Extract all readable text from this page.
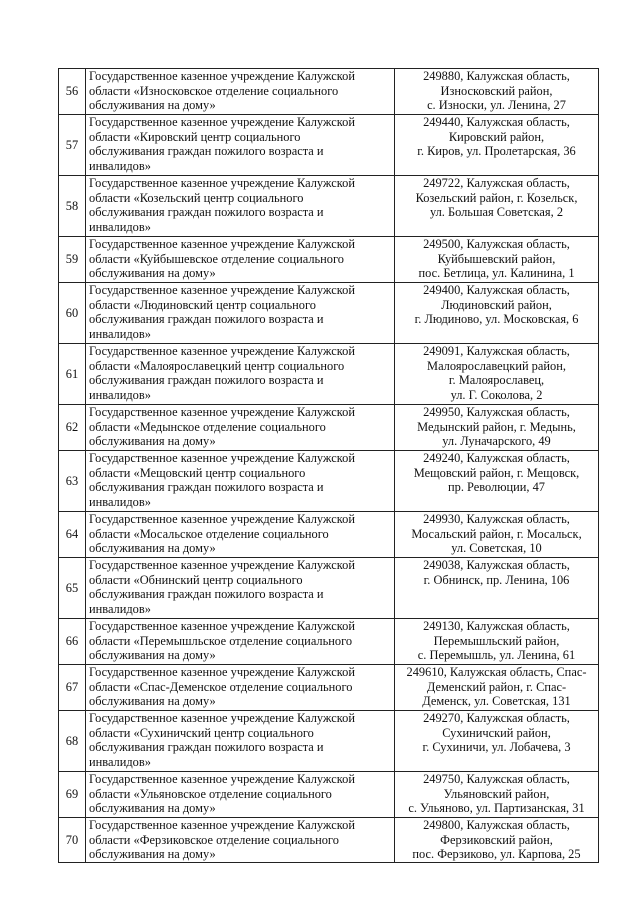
56	Государственное казенное учреждение Калужской
области «Износковское отделение социального
обслуживания на дому»	249880, Калужская область,
Износковский район,
с. Износки, ул. Ленина, 27
57	Государственное казенное учреждение Калужской
области «Кировский центр социального
обслуживания граждан пожилого возраста и
инвалидов»	249440, Калужская область,
Кировский район,
г. Киров, ул. Пролетарская, 36
58	Государственное казенное учреждение Калужской
области «Козельский центр социального
обслуживания граждан пожилого возраста и
инвалидов»	249722, Калужская область,
Козельский район, г. Козельск,
ул. Большая Советская, 2
59	Государственное казенное учреждение Калужской
области «Куйбышевское отделение социального
обслуживания на дому»	249500, Калужская область,
Куйбышевский район,
пос. Бетлица, ул. Калинина, 1
60	Государственное казенное учреждение Калужской
области «Людиновский центр социального
обслуживания граждан пожилого возраста и
инвалидов»	249400, Калужская область,
Людиновский район,
г. Людиново, ул. Московская, 6
61	Государственное казенное учреждение Калужской
области «Малоярославецкий центр социального
обслуживания граждан пожилого возраста и
инвалидов»	249091, Калужская область,
Малоярославецкий район,
г. Малоярославец,
ул. Г. Соколова, 2
62	Государственное казенное учреждение Калужской
области «Медынское отделение социального
обслуживания на дому»	249950, Калужская область,
Медынский район, г. Медынь,
ул. Луначарского, 49
63	Государственное казенное учреждение Калужской
области «Мещовский центр социального
обслуживания граждан пожилого возраста и
инвалидов»	249240, Калужская область,
Мещовский район, г. Мещовск,
пр. Революции, 47
64	Государственное казенное учреждение Калужской
области «Мосальское отделение социального
обслуживания на дому»	249930, Калужская область,
Мосальский район, г. Мосальск,
ул. Советская, 10
65	Государственное казенное учреждение Калужской
области «Обнинский центр социального
обслуживания граждан пожилого возраста и
инвалидов»	249038, Калужская область,
г. Обнинск, пр. Ленина, 106
66	Государственное казенное учреждение Калужской
области «Перемышльское отделение социального
обслуживания на дому»	249130, Калужская область,
Перемышльский район,
с. Перемышль, ул. Ленина, 61
67	Государственное казенное учреждение Калужской
области «Спас-Деменское отделение социального
обслуживания на дому»	249610, Калужская область, Спас-
Деменский район, г. Спас-
Деменск, ул. Советская, 131
68	Государственное казенное учреждение Калужской
области «Сухиничский центр социального
обслуживания граждан пожилого возраста и
инвалидов»	249270, Калужская область,
Сухиничский район,
г. Сухиничи, ул. Лобачева, 3
69	Государственное казенное учреждение Калужской
области «Ульяновское отделение социального
обслуживания на дому»	249750, Калужская область,
Ульяновский район,
с. Ульяново, ул. Партизанская, 31
70	Государственное казенное учреждение Калужской
области «Ферзиковское отделение социального
обслуживания на дому»	249800, Калужская область,
Ферзиковский район,
пос. Ферзиково, ул. Карпова, 25
